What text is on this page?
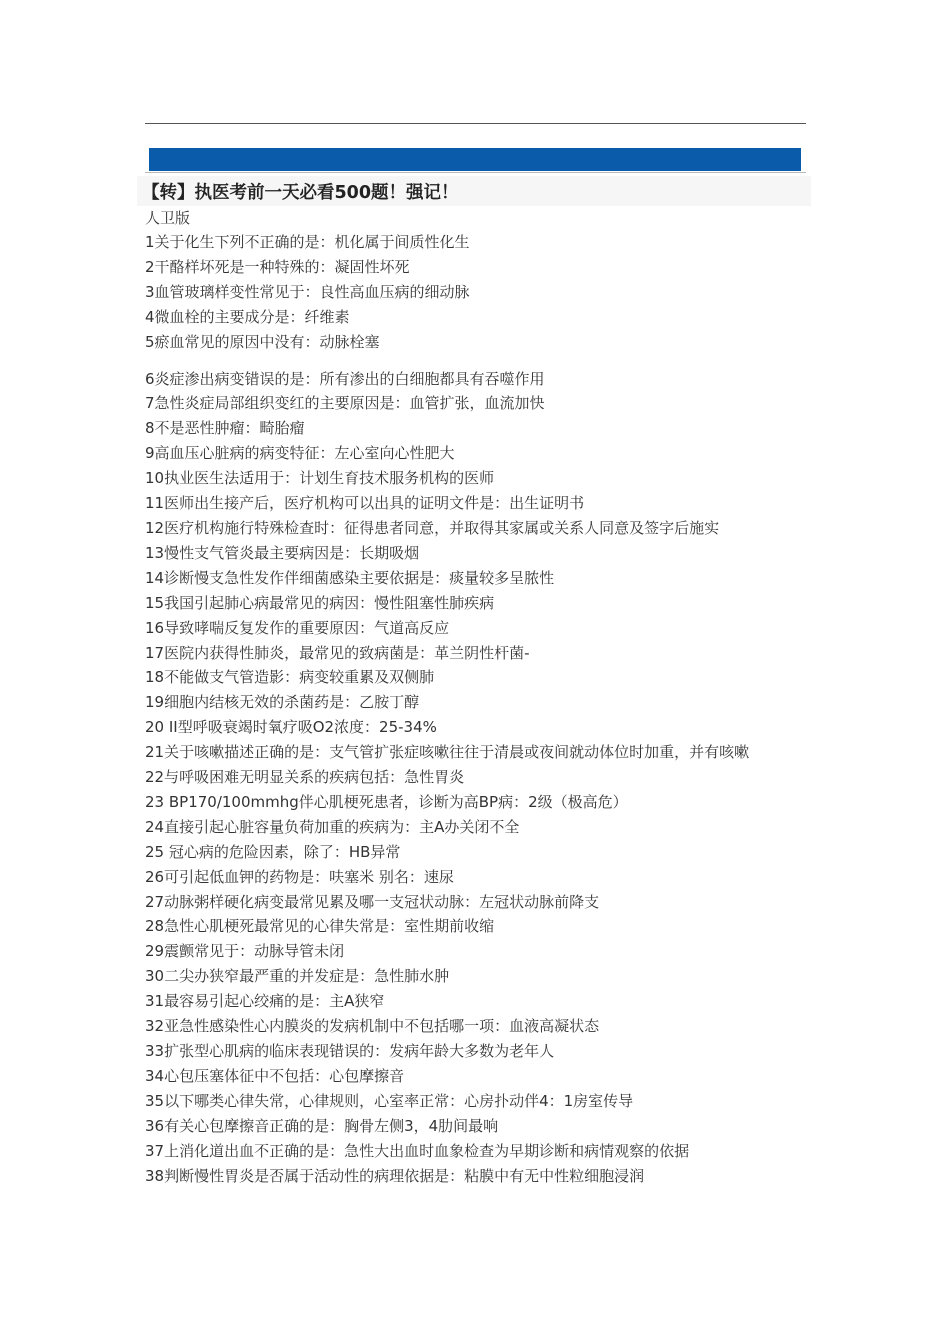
【转】执医考前一天必看500题！强记！
人卫版
1关于化生下列不正确的是：机化属于间质性化生
2干酪样坏死是一种特殊的：凝固性坏死
3血管玻璃样变性常见于：良性高血压病的细动脉
4微血栓的主要成分是：纤维素
5瘀血常见的原因中没有：动脉栓塞
6炎症渗出病变错误的是：所有渗出的白细胞都具有吞噬作用
7急性炎症局部组织变红的主要原因是：血管扩张，血流加快
8不是恶性肿瘤：畸胎瘤
9高血压心脏病的病变特征：左心室向心性肥大
10执业医生法适用于：计划生育技术服务机构的医师
11医师出生接产后，医疗机构可以出具的证明文件是：出生证明书
12医疗机构施行特殊检查时：征得患者同意，并取得其家属或关系人同意及签字后施实
13慢性支气管炎最主要病因是：长期吸烟
14诊断慢支急性发作伴细菌感染主要依据是：痰量较多呈脓性
15我国引起肺心病最常见的病因：慢性阻塞性肺疾病
16导致哮喘反复发作的重要原因：气道高反应
17医院内获得性肺炎，最常见的致病菌是：革兰阴性杆菌-
18不能做支气管造影：病变较重累及双侧肺
19细胞内结核无效的杀菌药是：乙胺丁醇
20 II型呼吸衰竭时氧疗吸O2浓度：25-34%
21关于咳嗽描述正确的是：支气管扩张症咳嗽往往于清晨或夜间就动体位时加重，并有咳嗽
22与呼吸困难无明显关系的疾病包括：急性胃炎
23 BP170/100mmhg伴心肌梗死患者，诊断为高BP病：2级（极高危）
24直接引起心脏容量负荷加重的疾病为：主A办关闭不全
25 冠心病的危险因素，除了：HB异常
26可引起低血钾的药物是：呋塞米 别名：速尿
27动脉粥样硬化病变最常见累及哪一支冠状动脉：左冠状动脉前降支
28急性心肌梗死最常见的心律失常是：室性期前收缩
29震颤常见于：动脉导管未闭
30二尖办狭窄最严重的并发症是：急性肺水肿
31最容易引起心绞痛的是：主A狭窄
32亚急性感染性心内膜炎的发病机制中不包括哪一项：血液高凝状态
33扩张型心肌病的临床表现错误的：发病年龄大多数为老年人
34心包压塞体征中不包括：心包摩擦音
35以下哪类心律失常，心律规则，心室率正常：心房扑动伴4：1房室传导
36有关心包摩擦音正确的是：胸骨左侧3，4肋间最响
37上消化道出血不正确的是：急性大出血时血象检查为早期诊断和病情观察的依据
38判断慢性胃炎是否属于活动性的病理依据是：粘膜中有无中性粒细胞浸润
